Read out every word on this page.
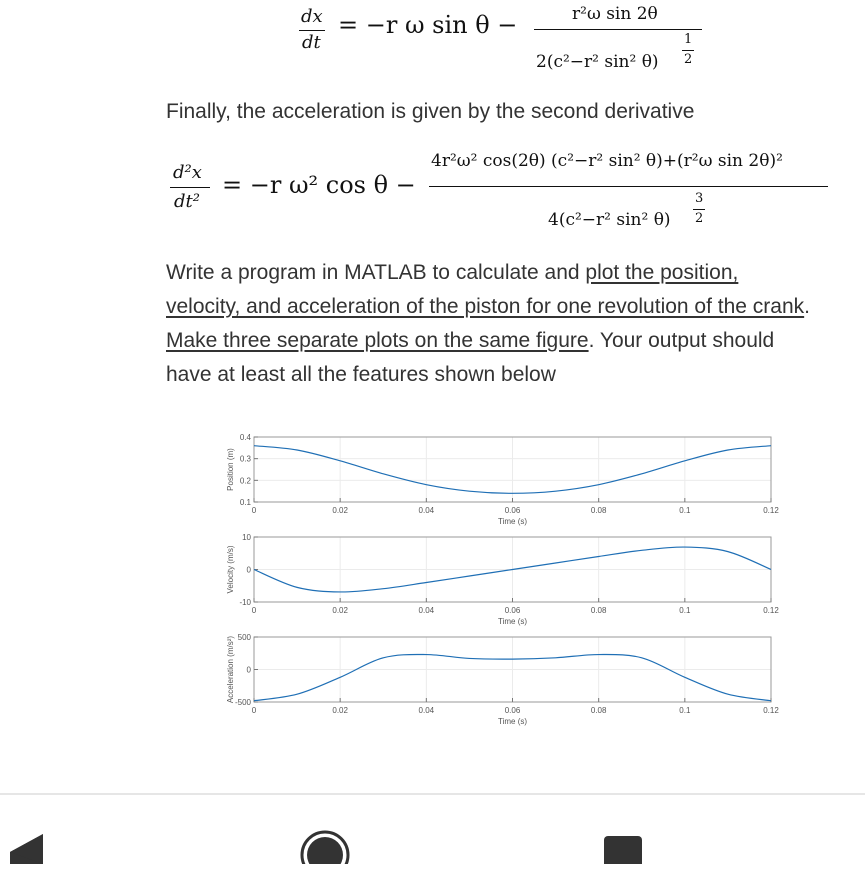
dx
dt
= −r ω sin θ −	r²ω sin 2θ
2(c²−r² sin² θ)
1
2
Finally, the acceleration is given by the second derivative
d²x
dt²
= −r ω² cos θ −
4r²ω² cos(2θ) (c²−r² sin² θ)+(r²ω sin 2θ)²
4(c²−r² sin² θ)
3
2
Write a program in MATLAB to calculate and plot the position, velocity, and acceleration of the piston for one revolution of the crank. Make three separate plots on the same figure. Your output should have at least all the features shown below
0	0.02	0.04	0.06	0.08	0.1	0.12
0.1
0.2
0.3
0.4
Time (s)
Position (m)
0	0.02	0.04	0.06	0.08	0.1	0.12
-10
0
10
Time (s)
Velocity (m/s)
0	0.02	0.04	0.06	0.08	0.1	0.12
-500
0
500
Time (s)
Acceleration (m/s²)
